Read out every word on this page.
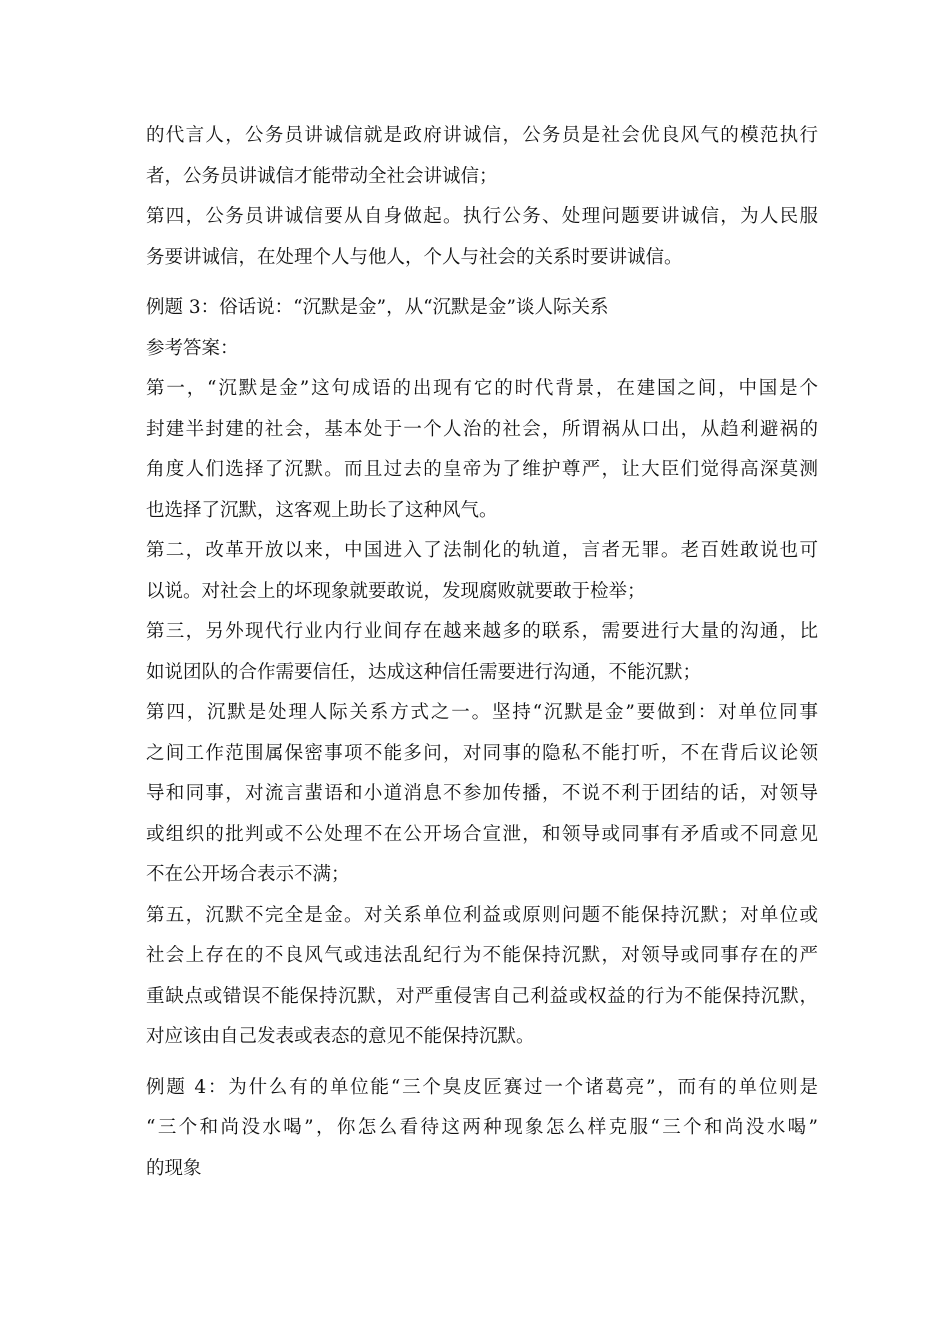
的代言人，公务员讲诚信就是政府讲诚信，公务员是社会优良风气的模范执行
者，公务员讲诚信才能带动全社会讲诚信；
第四，公务员讲诚信要从自身做起。执行公务、处理问题要讲诚信，为人民服
务要讲诚信，在处理个人与他人，个人与社会的关系时要讲诚信。
例题 3：俗话说：“沉默是金”，从“沉默是金”谈人际关系
参考答案：
第一，“沉默是金”这句成语的出现有它的时代背景，在建国之间，中国是个
封建半封建的社会，基本处于一个人治的社会，所谓祸从口出，从趋利避祸的
角度人们选择了沉默。而且过去的皇帝为了维护尊严，让大臣们觉得高深莫测
也选择了沉默，这客观上助长了这种风气。
第二，改革开放以来，中国进入了法制化的轨道，言者无罪。老百姓敢说也可
以说。对社会上的坏现象就要敢说，发现腐败就要敢于检举；
第三，另外现代行业内行业间存在越来越多的联系，需要进行大量的沟通，比
如说团队的合作需要信任，达成这种信任需要进行沟通，不能沉默；
第四，沉默是处理人际关系方式之一。坚持“沉默是金”要做到：对单位同事
之间工作范围属保密事项不能多问，对同事的隐私不能打听，不在背后议论领
导和同事，对流言蜚语和小道消息不参加传播，不说不利于团结的话，对领导
或组织的批判或不公处理不在公开场合宣泄，和领导或同事有矛盾或不同意见
不在公开场合表示不满；
第五，沉默不完全是金。对关系单位利益或原则问题不能保持沉默；对单位或
社会上存在的不良风气或违法乱纪行为不能保持沉默，对领导或同事存在的严
重缺点或错误不能保持沉默，对严重侵害自己利益或权益的行为不能保持沉默，
对应该由自己发表或表态的意见不能保持沉默。
例题 4：为什么有的单位能“三个臭皮匠赛过一个诸葛亮”，而有的单位则是
“三个和尚没水喝”，你怎么看待这两种现象怎么样克服“三个和尚没水喝”
的现象
